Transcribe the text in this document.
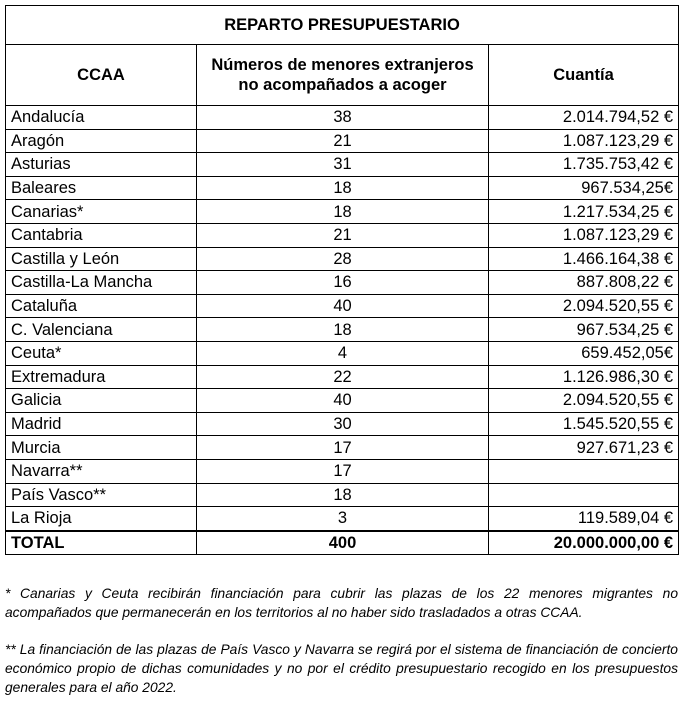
REPARTO PRESUPUESTARIO		
CCAA	Números de menores extranjeros no acompañados a acoger	Cuantía
Andalucía	38	2.014.794,52 €
Aragón	21	1.087.123,29 €
Asturias	31	1.735.753,42 €
Baleares	18	967.534,25€
Canarias*	18	1.217.534,25 €
Cantabria	21	1.087.123,29 €
Castilla y León	28	1.466.164,38 €
Castilla-La Mancha	16	887.808,22 €
Cataluña	40	2.094.520,55 €
C. Valenciana	18	967.534,25 €
Ceuta*	4	659.452,05€
Extremadura	22	1.126.986,30 €
Galicia	40	2.094.520,55 €
Madrid	30	1.545.520,55 €
Murcia	17	927.671,23 €
Navarra**	17	
País Vasco**	18	
La Rioja	3	119.589,04 €
TOTAL	400	20.000.000,00 €

* Canarias y Ceuta recibirán financiación para cubrir las plazas de los 22 menores migrantes no acompañados que permanecerán en los territorios al no haber sido trasladados a otras CCAA.

** La financiación de las plazas de País Vasco y Navarra se regirá por el sistema de financiación de concierto económico propio de dichas comunidades y no por el crédito presupuestario recogido en los presupuestos generales para el año 2022.
